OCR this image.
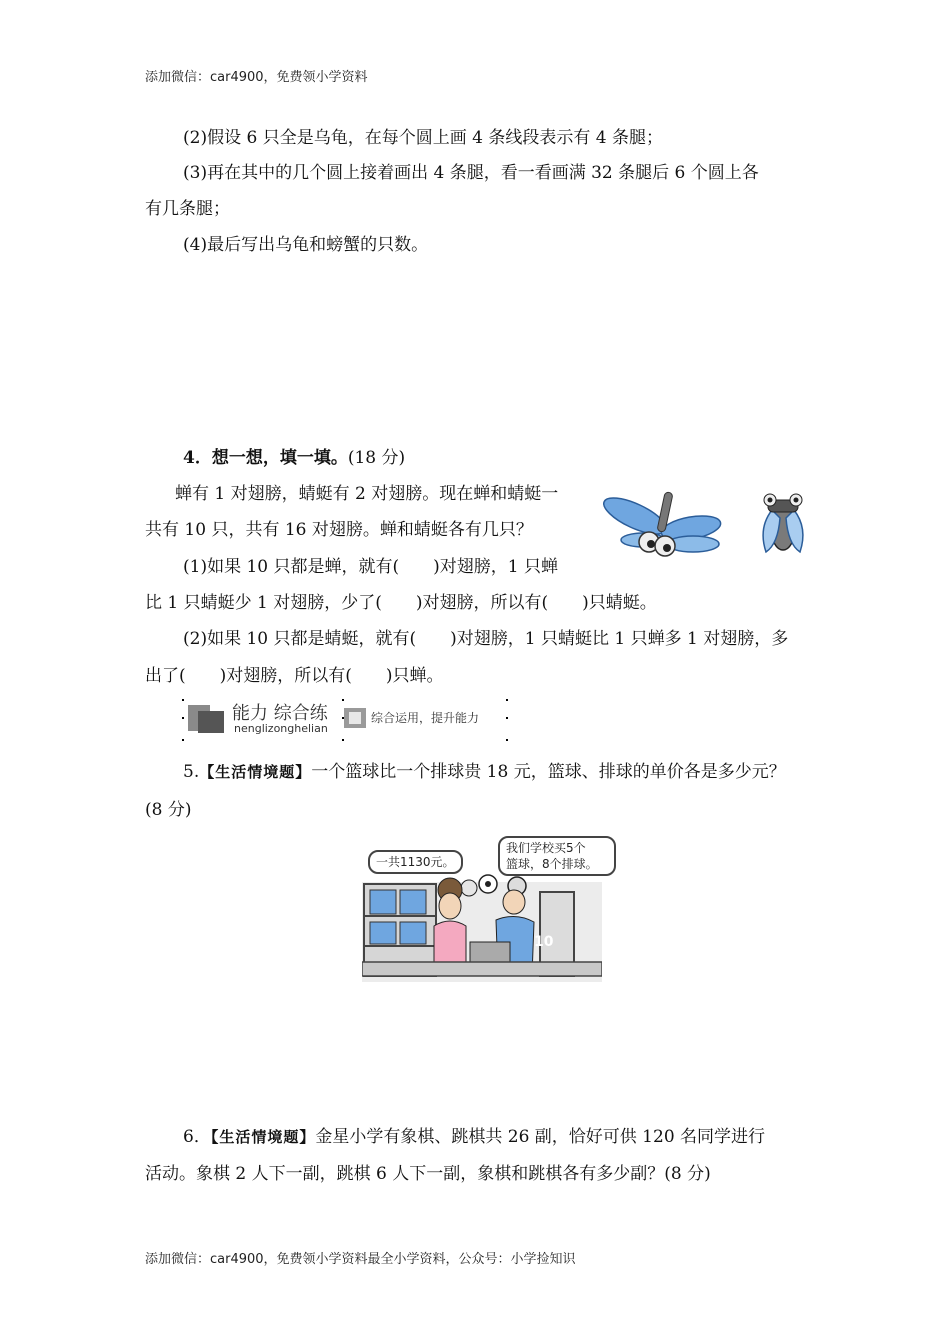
添加微信：car4900，免费领小学资料
(2)假设 6 只全是乌龟，在每个圆上画 4 条线段表示有 4 条腿；
(3)再在其中的几个圆上接着画出 4 条腿，看一看画满 32 条腿后 6 个圆上各
有几条腿；
(4)最后写出乌龟和螃蟹的只数。
4．想一想，填一填。(18 分)
蝉有 1 对翅膀，蜻蜓有 2 对翅膀。现在蝉和蜻蜓一
共有 10 只，共有 16 对翅膀。蝉和蜻蜓各有几只？
(1)如果 10 只都是蝉，就有( )对翅膀，1 只蝉
比 1 只蜻蜓少 1 对翅膀，少了( )对翅膀，所以有( )只蜻蜓。
(2)如果 10 只都是蜻蜓，就有( )对翅膀，1 只蜻蜓比 1 只蝉多 1 对翅膀，多
出了( )对翅膀，所以有( )只蝉。
能力 综合练
nenglizonghelian
综合运用，提升能力
5.【生活情境题】一个篮球比一个排球贵 18 元，篮球、排球的单价各是多少元？
(8 分)
一共1130元。
我们学校买5个
篮球，8个排球。
10
6．【生活情境题】金星小学有象棋、跳棋共 26 副，恰好可供 120 名同学进行
活动。象棋 2 人下一副，跳棋 6 人下一副，象棋和跳棋各有多少副？(8 分)
添加微信：car4900，免费领小学资料最全小学资料，公众号：小学捡知识
